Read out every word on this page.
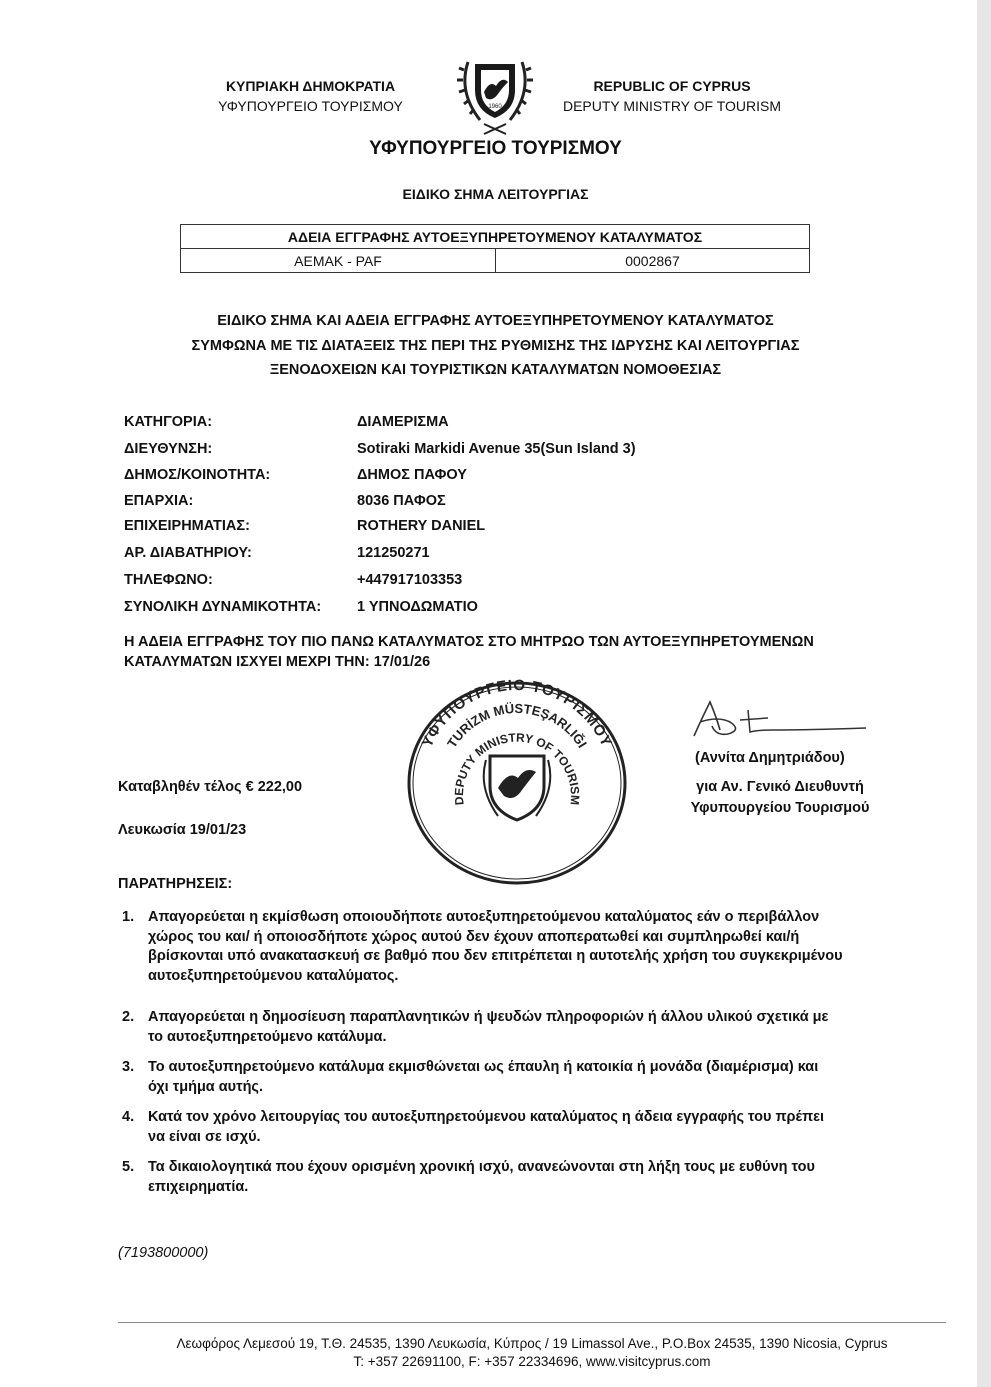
ΚΥΠΡΙΑΚΗ ΔΗΜΟΚΡΑΤΙΑ
ΥΦΥΠΟΥΡΓΕΙΟ ΤΟΥΡΙΣΜΟΥ	1960
REPUBLIC OF CYPRUS
DEPUTY MINISTRY OF TOURISM
ΥΦΥΠΟΥΡΓΕΙΟ ΤΟΥΡΙΣΜΟΥ
ΕΙΔΙΚΟ ΣΗΜΑ ΛΕΙΤΟΥΡΓΙΑΣ
ΑΔΕΙΑ ΕΓΓΡΑΦΗΣ ΑΥΤΟΕΞΥΠΗΡΕΤΟΥΜΕΝΟΥ ΚΑΤΑΛΥΜΑΤΟΣ
ΑΕΜΑΚ - PAF	0002867
ΕΙΔΙΚΟ ΣΗΜΑ ΚΑΙ ΑΔΕΙΑ ΕΓΓΡΑΦΗΣ ΑΥΤΟΕΞΥΠΗΡΕΤΟΥΜΕΝΟΥ ΚΑΤΑΛΥΜΑΤΟΣ
ΣΥΜΦΩΝΑ ΜΕ ΤΙΣ ΔΙΑΤΑΞΕΙΣ ΤΗΣ ΠΕΡΙ ΤΗΣ ΡΥΘΜΙΣΗΣ ΤΗΣ ΙΔΡΥΣΗΣ ΚΑΙ ΛΕΙΤΟΥΡΓΙΑΣ
ΞΕΝΟΔΟΧΕΙΩΝ ΚΑΙ ΤΟΥΡΙΣΤΙΚΩΝ ΚΑΤΑΛΥΜΑΤΩΝ ΝΟΜΟΘΕΣΙΑΣ
ΚΑΤΗΓΟΡΙΑ:	ΔΙΑΜΕΡΙΣΜΑ
ΔΙΕΥΘΥΝΣΗ:	Sotiraki Markidi Avenue 35(Sun Island 3)
ΔΗΜΟΣ/ΚΟΙΝΟΤΗΤΑ:	ΔΗΜΟΣ ΠΑΦΟΥ
ΕΠΑΡΧΙΑ:	8036 ΠΑΦΟΣ
ΕΠΙΧΕΙΡΗΜΑΤΙΑΣ:	ROTHERY DANIEL
ΑΡ. ΔΙΑΒΑΤΗΡΙΟΥ:	121250271
ΤΗΛΕΦΩΝΟ:	+447917103353
ΣΥΝΟΛΙΚΗ ΔΥΝΑΜΙΚΟΤΗΤΑ: 1 ΥΠΝΟΔΩΜΑΤΙΟ
Η ΑΔΕΙΑ ΕΓΓΡΑΦΗΣ ΤΟΥ ΠΙΟ ΠΑΝΩ ΚΑΤΑΛΥΜΑΤΟΣ ΣΤΟ ΜΗΤΡΩΟ ΤΩΝ ΑΥΤΟΕΞΥΠΗΡΕΤΟΥΜΕΝΩΝ
ΚΑΤΑΛΥΜΑΤΩΝ ΙΣΧΥΕΙ ΜΕΧΡΙ ΤΗΝ: 17/01/26
ΥΦΥΠΟΥΡΓΕΙΟ ΤΟΥΡΙΣΜΟΥ
TURİZM MÜSTEŞARLIĞI
DEPUTY MINISTRY OF TOURISM
(Αννίτα Δημητριάδου)
για Αν. Γενικό Διευθυντή
Υφυπουργείου Τουρισμού
Καταβληθέν τέλος € 222,00
Λευκωσία 19/01/23
ΠΑΡΑΤΗΡΗΣΕΙΣ:
1. Απαγορεύεται η εκμίσθωση οποιουδήποτε αυτοεξυπηρετούμενου καταλύματος εάν ο περιβάλλον
χώρος του και/ ή οποιοσδήποτε χώρος αυτού δεν έχουν αποπερατωθεί και συμπληρωθεί και/ή
βρίσκονται υπό ανακατασκευή σε βαθμό που δεν επιτρέπεται η αυτοτελής χρήση του συγκεκριμένου
αυτοεξυπηρετούμενου καταλύματος.
2. Απαγορεύεται η δημοσίευση παραπλανητικών ή ψευδών πληροφοριών ή άλλου υλικού σχετικά με
το αυτοεξυπηρετούμενο κατάλυμα.
3. Το αυτοεξυπηρετούμενο κατάλυμα εκμισθώνεται ως έπαυλη ή κατοικία ή μονάδα (διαμέρισμα) και
όχι τμήμα αυτής.
4. Κατά τον χρόνο λειτουργίας του αυτοεξυπηρετούμενου καταλύματος η άδεια εγγραφής του πρέπει
να είναι σε ισχύ.
5. Τα δικαιολογητικά που έχουν ορισμένη χρονική ισχύ, ανανεώνονται στη λήξη τους με ευθύνη του
επιχειρηματία.
(7193800000)
Λεωφόρος Λεμεσού 19, Τ.Θ. 24535, 1390 Λευκωσία, Κύπρος / 19 Limassol Ave., P.O.Box 24535, 1390 Nicosia, Cyprus
T: +357 22691100, F: +357 22334696, www.visitcyprus.com
